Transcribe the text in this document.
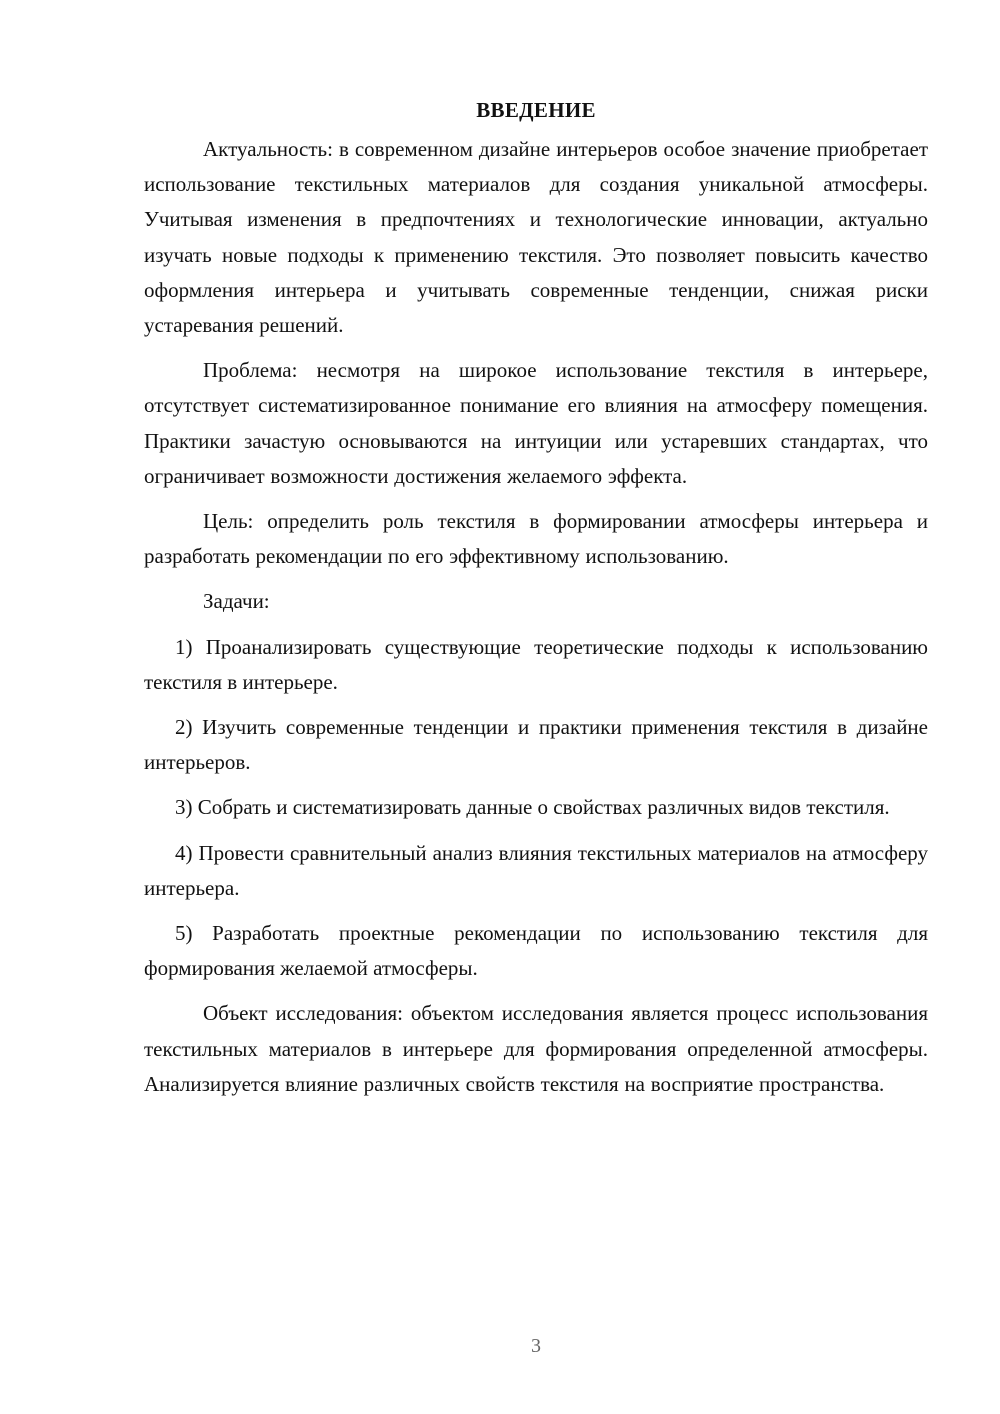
ВВЕДЕНИЕ

Актуальность: в современном дизайне интерьеров особое значение приобретает использование текстильных материалов для создания уникальной атмосферы. Учитывая изменения в предпочтениях и технологические инновации, актуально изучать новые подходы к применению текстиля. Это позволяет повысить качество оформления интерьера и учитывать современные тенденции, снижая риски устаревания решений.

Проблема: несмотря на широкое использование текстиля в интерьере, отсутствует систематизированное понимание его влияния на атмосферу помещения. Практики зачастую основываются на интуиции или устаревших стандартах, что ограничивает возможности достижения желаемого эффекта.

Цель: определить роль текстиля в формировании атмосферы интерьера и разработать рекомендации по его эффективному использованию.

Задачи:

1) Проанализировать существующие теоретические подходы к использованию текстиля в интерьере.

2) Изучить современные тенденции и практики применения текстиля в дизайне интерьеров.

3) Собрать и систематизировать данные о свойствах различных видов текстиля.

4) Провести сравнительный анализ влияния текстильных материалов на атмосферу интерьера.

5) Разработать проектные рекомендации по использованию текстиля для формирования желаемой атмосферы.

Объект исследования: объектом исследования является процесс использования текстильных материалов в интерьере для формирования определенной атмосферы. Анализируется влияние различных свойств текстиля на восприятие пространства.

3
